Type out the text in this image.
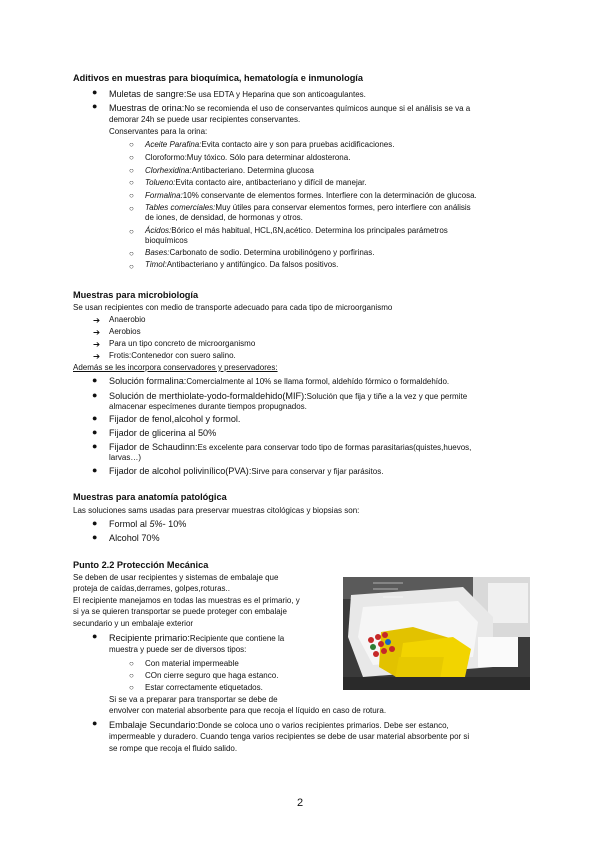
Aditivos en muestras para bioquímica, hematología e inmunología
● Muletas de sangre:Se usa EDTA y Heparina que son anticoagulantes.
● Muestras de orina:No se recomienda el uso de conservantes químicos aunque si el análisis se va a
demorar 24h se puede usar recipientes conservantes.
Conservantes para la orina:
○ Aceite Parafina:Evita contacto aire y son para pruebas acidificaciones.
○ Cloroformo:Muy tóxico. Sólo para determinar aldosterona.
○ Clorhexidina:Antibacteriano. Determina glucosa
○ Tolueno:Evita contacto aire, antibacteriano y difícil de manejar.
○ Formalina:10% conservante de elementos formes. Interfiere con la determinación de glucosa.
○ Tables comerciales:Muy útiles para conservar elementos formes, pero interfiere con análisis
de iones, de densidad, de hormonas y otros.
○ Ácidos:Bórico el más habitual, HCL,ßN,acético. Determina los principales parámetros
bioquímicos
○ Bases:Carbonato de sodio. Determina urobilinógeno y porfirinas.
○ Timol:Antibacteriano y antifúngico. Da falsos positivos.
Muestras para microbiología
Se usan recipientes con medio de transporte adecuado para cada tipo de microorganismo
➔ Anaerobio
➔ Aerobios
➔ Para un tipo concreto de microorganismo
➔ Frotis:Contenedor con suero salino.
Además se les incorpora conservadores y preservadores:
● Solución formalina:Comercialmente al 10% se llama formol, aldehído fórmico o formaldehído.
● Solución de merthiolate-yodo-formaldehido(MIF):Solución que fija y tiñe a la vez y que permite
almacenar especímenes durante tiempos propugnados.
● Fijador de fenol,alcohol y formol.
● Fijador de glicerina al 50%
● Fijador de Schaudinn:Es excelente para conservar todo tipo de formas parasitarias(quistes,huevos,
larvas…)
● Fijador de alcohol polivinílico(PVA):Sirve para conservar y fijar parásitos.
Muestras para anatomía patológica
Las soluciones sams usadas para preservar muestras citológicas y biopsias son:
● Formol al 5%- 10%
● Alcohol 70%
Punto 2.2 Protección Mecánica
Se deben de usar recipientes y sistemas de embalaje que
proteja de caídas,derrames, golpes,roturas..
El recipiente manejamos en todas las muestras es el primario, y
si ya se quieren transportar se puede proteger con embalaje
secundario y un embalaje exterior
● Recipiente primario:Recipiente que contiene la
muestra y puede ser de diversos tipos:
○ Con material impermeable
○ COn cierre seguro que haga estanco.
○ Estar correctamente etiquetados.
Si se va a preparar para transportar se debe de
envolver con material absorbente para que recoja el líquido en caso de rotura.
● Embalaje Secundario:Donde se coloca uno o varios recipientes primarios. Debe ser estanco,
impermeable y duradero. Cuando tenga varios recipientes se debe de usar material absorbente por si
se rompe que recoja el fluido salido.
2
